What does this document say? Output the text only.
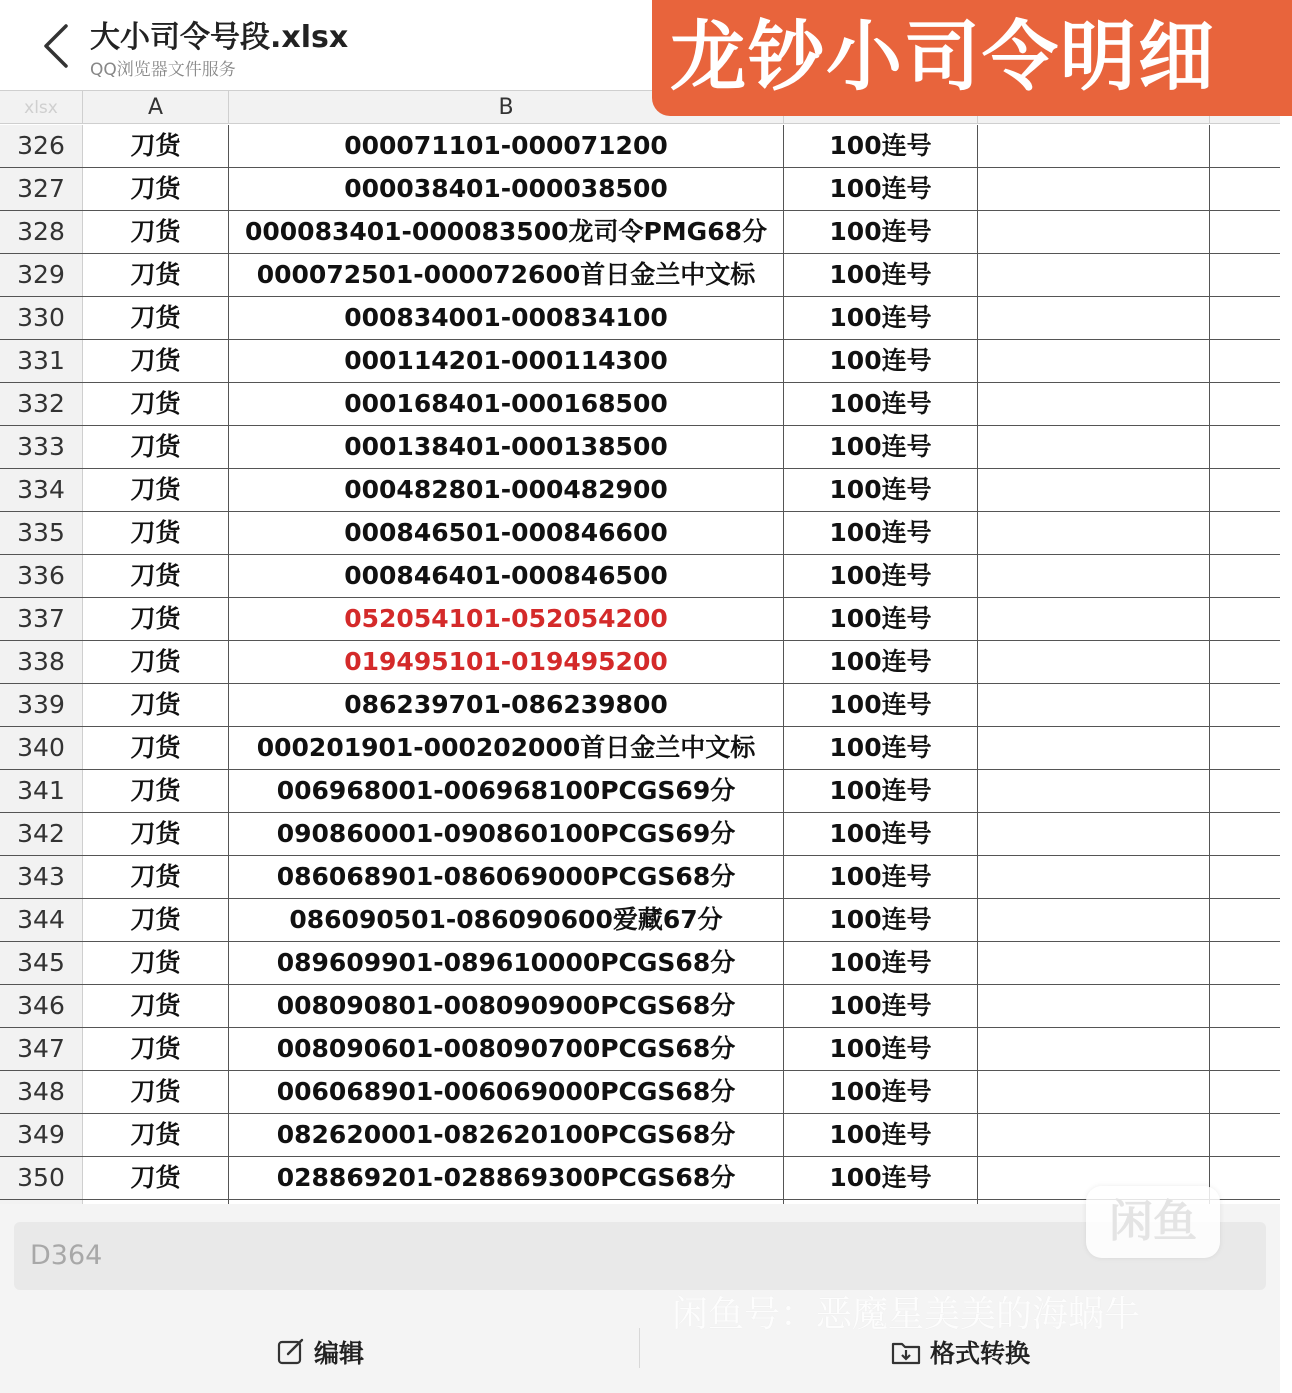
大小司令号段.xlsx
QQ浏览器文件服务
xlsx	A	B
326	刀货	000071101-000071200	100连号
327	刀货	000038401-000038500	100连号
328	刀货	000083401-000083500龙司令PMG68分	100连号
329	刀货	000072501-000072600首日金兰中文标	100连号
330	刀货	000834001-000834100	100连号
331	刀货	000114201-000114300	100连号
332	刀货	000168401-000168500	100连号
333	刀货	000138401-000138500	100连号
334	刀货	000482801-000482900	100连号
335	刀货	000846501-000846600	100连号
336	刀货	000846401-000846500	100连号
337	刀货	052054101-052054200	100连号
338	刀货	019495101-019495200	100连号
339	刀货	086239701-086239800	100连号
340	刀货	000201901-000202000首日金兰中文标	100连号
341	刀货	006968001-006968100PCGS69分	100连号
342	刀货	090860001-090860100PCGS69分	100连号
343	刀货	086068901-086069000PCGS68分	100连号
344	刀货	086090501-086090600爱藏67分	100连号
345	刀货	089609901-089610000PCGS68分	100连号
346	刀货	008090801-008090900PCGS68分	100连号
347	刀货	008090601-008090700PCGS68分	100连号
348	刀货	006068901-006069000PCGS68分	100连号
349	刀货	082620001-082620100PCGS68分	100连号
350	刀货	028869201-028869300PCGS68分	100连号
龙钞小司令明细
D364
编辑	格式转换
闲鱼
闲鱼号：恶魔星美美的海蜗牛
